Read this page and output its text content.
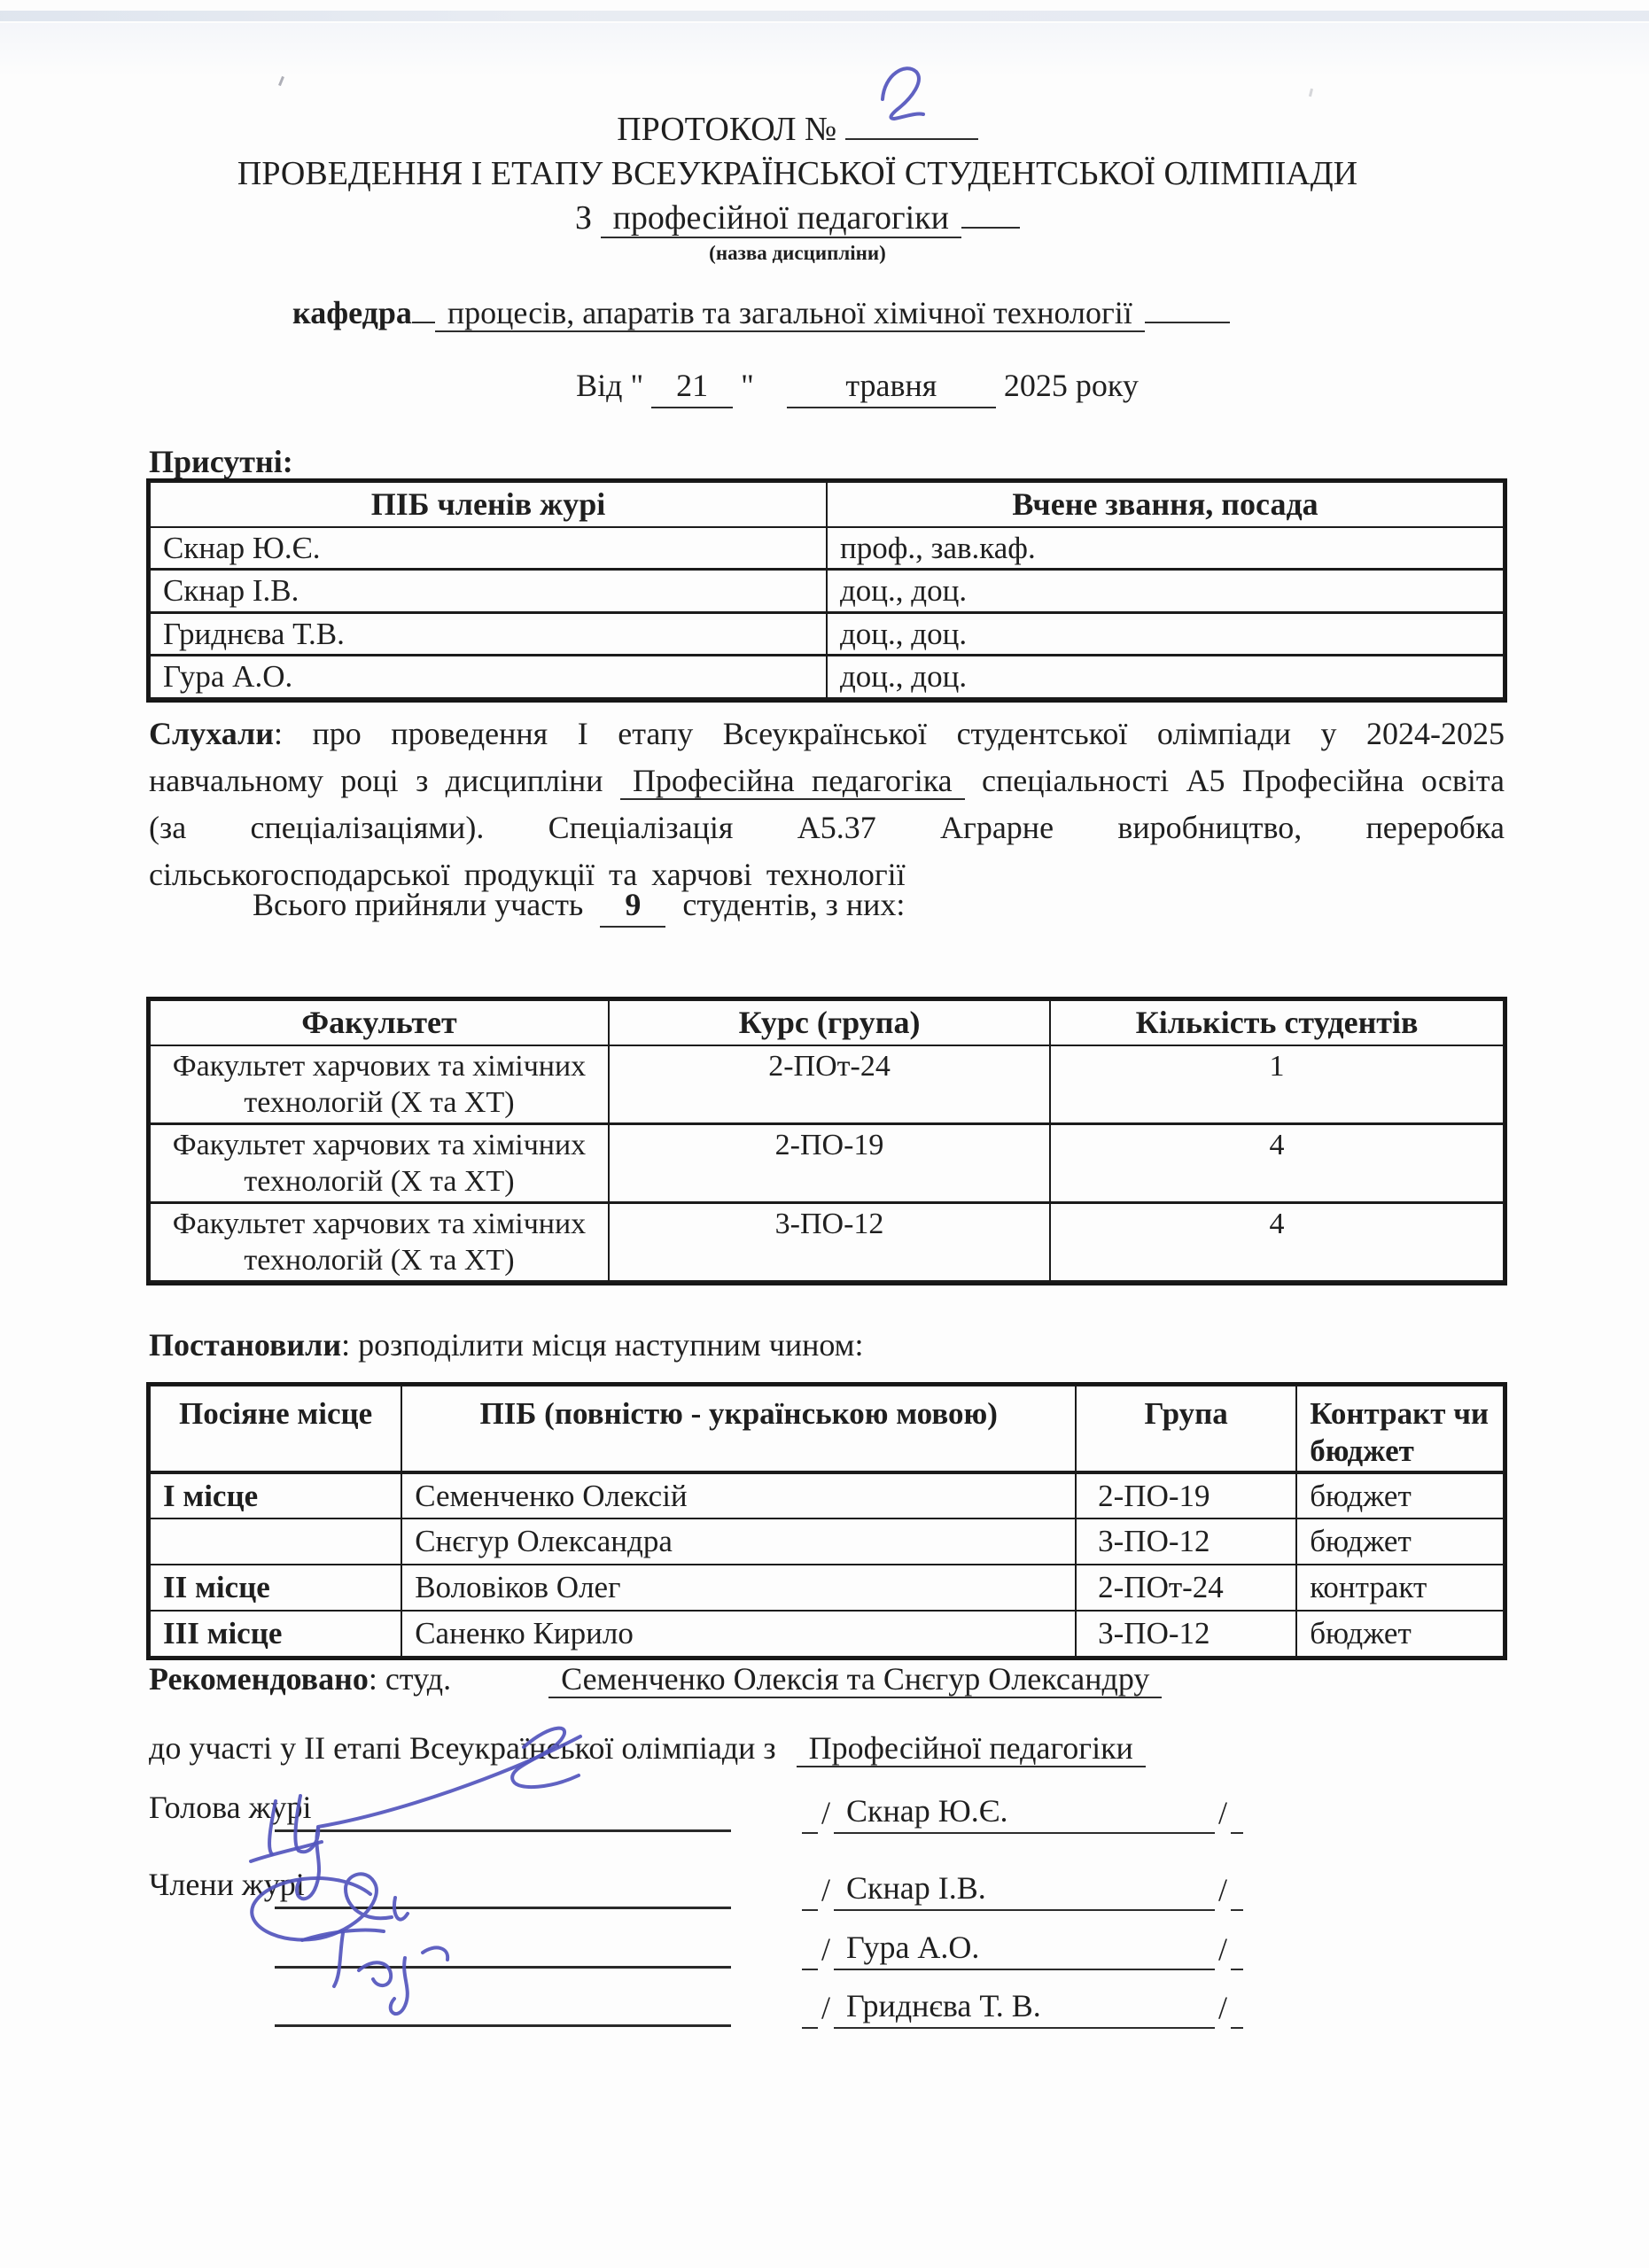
ПРОТОКОЛ №
ПРОВЕДЕННЯ І ЕТАПУ ВСЕУКРАЇНСЬКОЇ СТУДЕНТСЬКОЇ ОЛІМПІАДИ
З професійної педагогіки
(назва дисципліни)
кафедра процесів, апаратів та загальної хімічної технології
Від " 21 "	травня 2025 року
Присутні:
ПІБ членів журі	Вчене звання, посада
Скнар Ю.Є.	проф., зав.каф.
Скнар І.В.	доц., доц.
Гриднєва Т.В.	доц., доц.
Гура А.О.	доц., доц.
Слухали: про проведення І етапу Всеукраїнської студентської олімпіади у 2024-2025 навчальному році з дисципліни Професійна педагогіка спеціальності А5 Професійна освіта (за спеціалізаціями). Спеціалізація А5.37 Аграрне виробництво, переробка сільськогосподарської продукції та харчові технології
Всього прийняли участь 9 студентів, з них:
Факультет	Курс (група)	Кількість студентів
Факультет харчових та хімічних технологій (Х та ХТ)	2-ПОт-24	1
Факультет харчових та хімічних технологій (Х та ХТ)	2-ПО-19	4
Факультет харчових та хімічних технологій (Х та ХТ)	3-ПО-12	4
Постановили: розподілити місця наступним чином:
Посіяне місце	ПІБ (повністю - українською мовою)	Група	Контракт чи бюджет
І місце	Семенченко Олексій	2-ПО-19	бюджет
	Снєгур Олександра	3-ПО-12	бюджет
ІІ місце	Воловіков Олег	2-ПОт-24	контракт
ІІІ місце	Саненко Кирило	3-ПО-12	бюджет
Рекомендовано: студ.	Семенченко Олексія та Снєгур Олександру
до участі у ІІ етапі Всеукраїнської олімпіади з Професійної педагогіки
Голова журі	/ Скнар Ю.Є.	/
Члени журі	/ Скнар І.В.	/
/ Гура А.О.	/
/ Гриднєва Т. В.	/
